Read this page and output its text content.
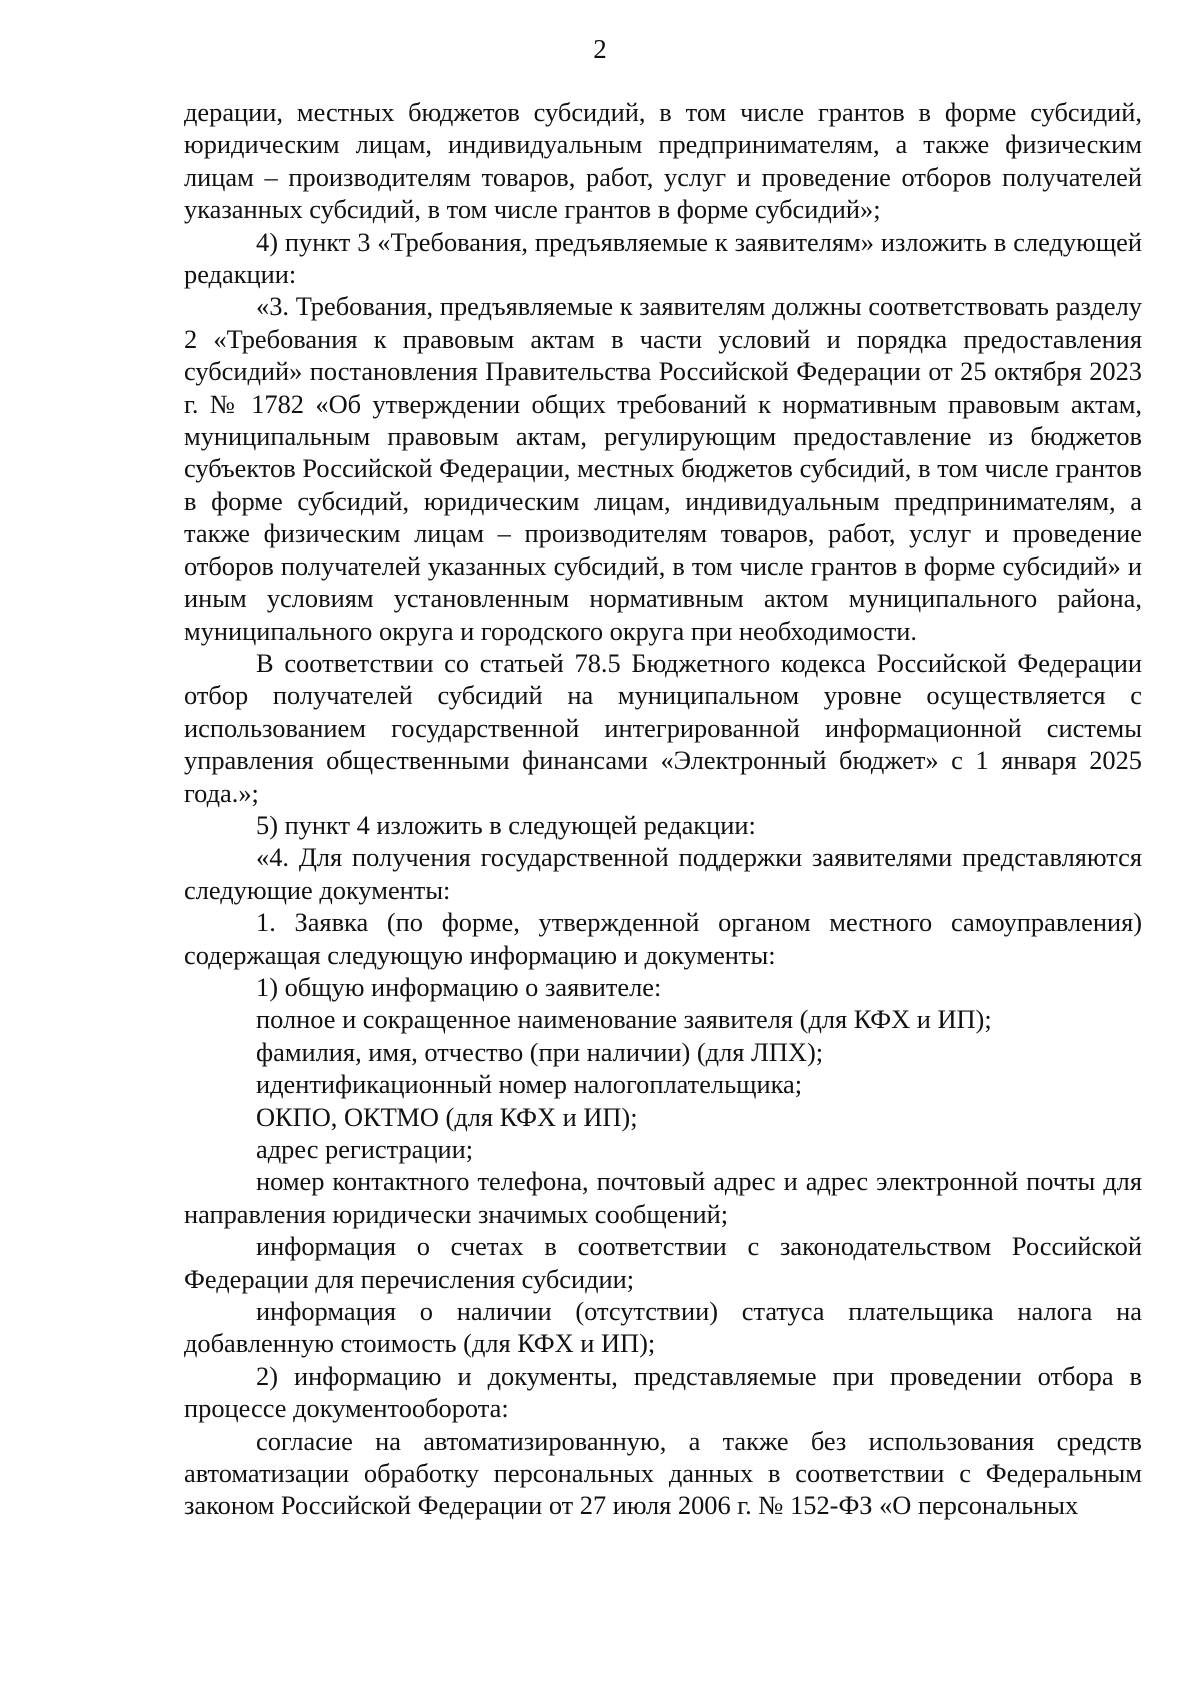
2

дерации, местных бюджетов субсидий, в том числе грантов в форме субсидий, юридическим лицам, индивидуальным предпринимателям, а также физическим лицам – производителям товаров, работ, услуг и проведение отборов получателей указанных субсидий, в том числе грантов в форме субсидий»;

4) пункт 3 «Требования, предъявляемые к заявителям» изложить в следующей редакции:

«3. Требования, предъявляемые к заявителям должны соответствовать разделу 2 «Требования к правовым актам в части условий и порядка предоставления субсидий» постановления Правительства Российской Федерации от 25 октября 2023 г. № 1782 «Об утверждении общих требований к нормативным правовым актам, муниципальным правовым актам, регулирующим предоставление из бюджетов субъектов Российской Федерации, местных бюджетов субсидий, в том числе грантов в форме субсидий, юридическим лицам, индивидуальным предпринимателям, а также физическим лицам – производителям товаров, работ, услуг и проведение отборов получателей указанных субсидий, в том числе грантов в форме субсидий» и иным условиям установленным нормативным актом муниципального района, муниципального округа и городского округа при необходимости.

В соответствии со статьей 78.5 Бюджетного кодекса Российской Федерации отбор получателей субсидий на муниципальном уровне осуществляется с использованием государственной интегрированной информационной системы управления общественными финансами «Электронный бюджет» с 1 января 2025 года.»;

5) пункт 4 изложить в следующей редакции:

«4. Для получения государственной поддержки заявителями представляются следующие документы:

1. Заявка (по форме, утвержденной органом местного самоуправления) содержащая следующую информацию и документы:

1) общую информацию о заявителе:

полное и сокращенное наименование заявителя (для КФХ и ИП);

фамилия, имя, отчество (при наличии) (для ЛПХ);

идентификационный номер налогоплательщика;

ОКПО, ОКТМО (для КФХ и ИП);

адрес регистрации;

номер контактного телефона, почтовый адрес и адрес электронной почты для направления юридически значимых сообщений;

информация о счетах в соответствии с законодательством Российской Федерации для перечисления субсидии;

информация о наличии (отсутствии) статуса плательщика налога на добавленную стоимость (для КФХ и ИП);

2) информацию и документы, представляемые при проведении отбора в процессе документооборота:

согласие на автоматизированную, а также без использования средств автоматизации обработку персональных данных в соответствии с Федеральным законом Российской Федерации от 27 июля 2006 г. № 152-ФЗ «О персональных
